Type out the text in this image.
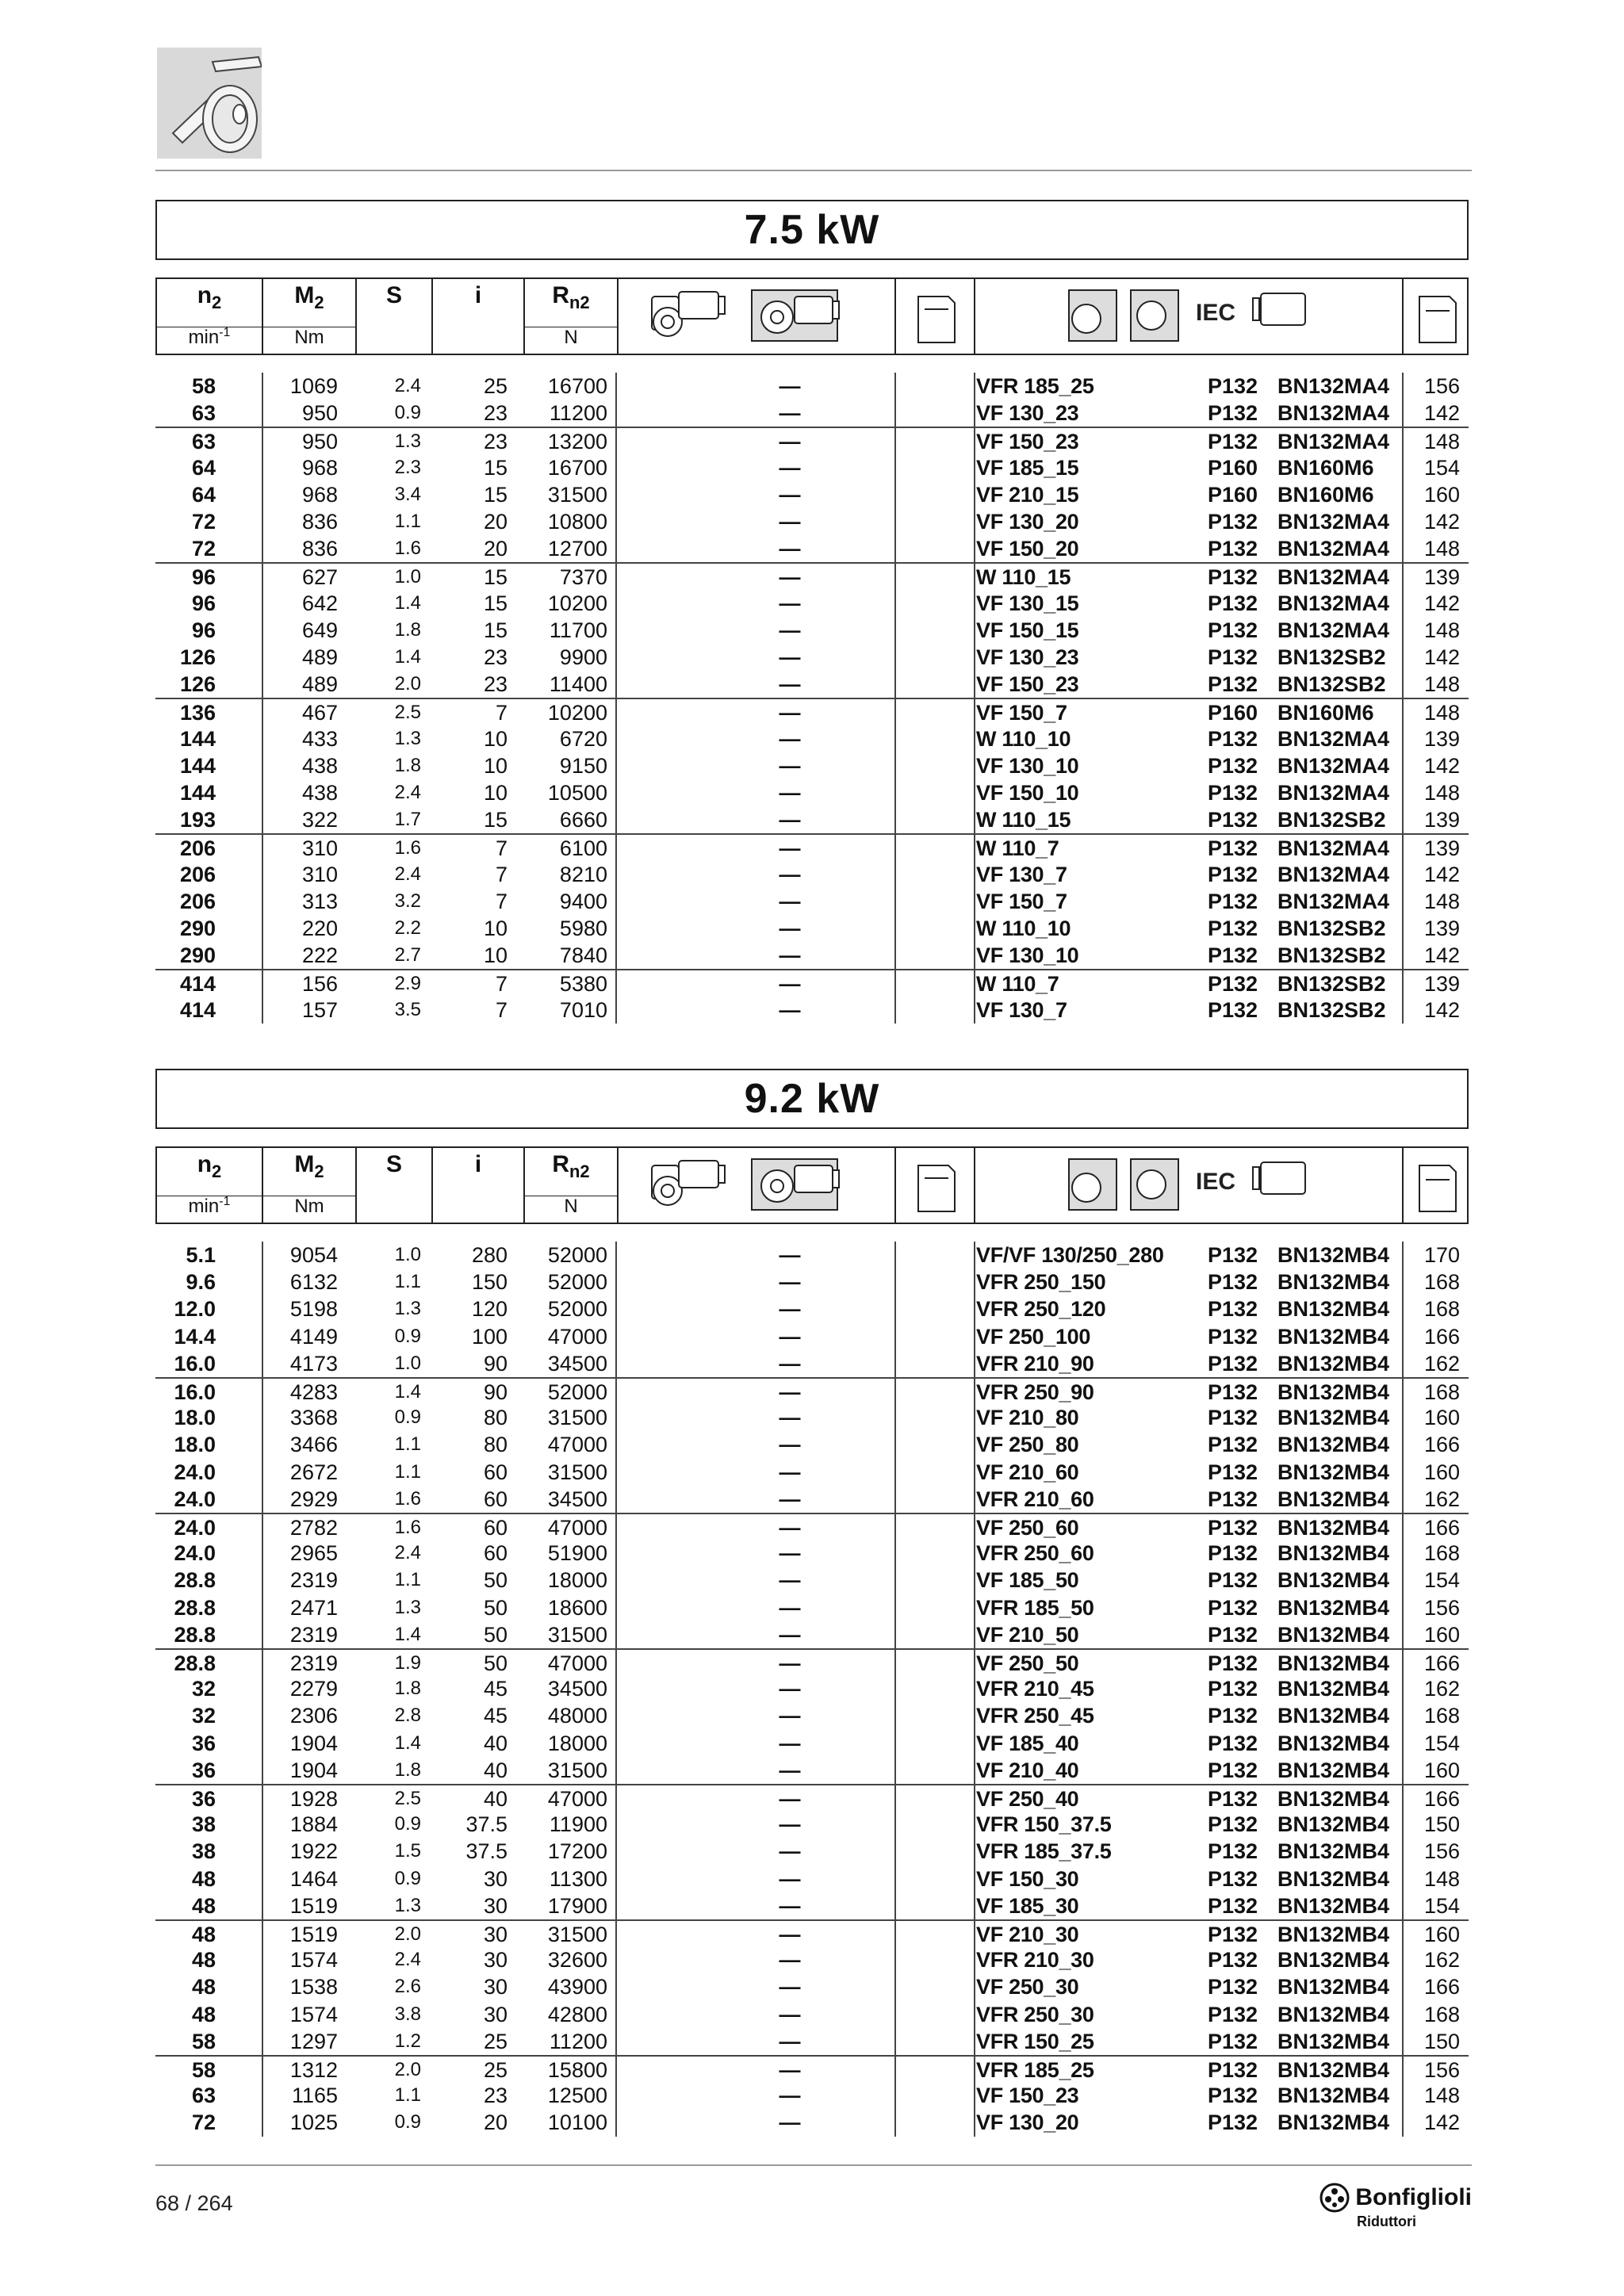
7.5 kW
$n_2$
$\min^{-1}$
$M_2$
Nm
S	i	$R_{n2}$
N
IEC
58	1069	2.4	25	16700	—	VFR 185_25	P132 BN132MA4	156
63	950	0.9	23	11200	—	VF 130_23	P132 BN132MA4	142
63	950	1.3	23	13200	—	VF 150_23	P132 BN132MA4	148
64	968	2.3	15	16700	—	VF 185_15	P160 BN160M6	154
64	968	3.4	15	31500	—	VF 210_15	P160 BN160M6	160
72	836	1.1	20	10800	—	VF 130_20	P132 BN132MA4	142
72	836	1.6	20	12700	—	VF 150_20	P132 BN132MA4	148
96	627	1.0	15	7370	—	W 110_15	P132 BN132MA4	139
96	642	1.4	15	10200	—	VF 130_15	P132 BN132MA4	142
96	649	1.8	15	11700	—	VF 150_15	P132 BN132MA4	148
126	489	1.4	23	9900	—	VF 130_23	P132 BN132SB2	142
126	489	2.0	23	11400	—	VF 150_23	P132 BN132SB2	148
136	467	2.5	7	10200	—	VF 150_7	P160 BN160M6	148
144	433	1.3	10	6720	—	W 110_10	P132 BN132MA4	139
144	438	1.8	10	9150	—	VF 130_10	P132 BN132MA4	142
144	438	2.4	10	10500	—	VF 150_10	P132 BN132MA4	148
193	322	1.7	15	6660	—	W 110_15	P132 BN132SB2	139
206	310	1.6	7	6100	—	W 110_7	P132 BN132MA4	139
206	310	2.4	7	8210	—	VF 130_7	P132 BN132MA4	142
206	313	3.2	7	9400	—	VF 150_7	P132 BN132MA4	148
290	220	2.2	10	5980	—	W 110_10	P132 BN132SB2	139
290	222	2.7	10	7840	—	VF 130_10	P132 BN132SB2	142
414	156	2.9	7	5380	—	W 110_7	P132 BN132SB2	139
414	157	3.5	7	7010	—	VF 130_7	P132 BN132SB2	142
9.2 kW
$n_2$
$\min^{-1}$
$M_2$
Nm
S	i	$R_{n2}$
N
IEC
5.1	9054	1.0	280	52000	—	VF/VF 130/250_280	P132 BN132MB4	170
9.6	6132	1.1	150	52000	—	VFR 250_150	P132 BN132MB4	168
12.0	5198	1.3	120	52000	—	VFR 250_120	P132 BN132MB4	168
14.4	4149	0.9	100	47000	—	VF 250_100	P132 BN132MB4	166
16.0	4173	1.0	90	34500	—	VFR 210_90	P132 BN132MB4	162
16.0	4283	1.4	90	52000	—	VFR 250_90	P132 BN132MB4	168
18.0	3368	0.9	80	31500	—	VF 210_80	P132 BN132MB4	160
18.0	3466	1.1	80	47000	—	VF 250_80	P132 BN132MB4	166
24.0	2672	1.1	60	31500	—	VF 210_60	P132 BN132MB4	160
24.0	2929	1.6	60	34500	—	VFR 210_60	P132 BN132MB4	162
24.0	2782	1.6	60	47000	—	VF 250_60	P132 BN132MB4	166
24.0	2965	2.4	60	51900	—	VFR 250_60	P132 BN132MB4	168
28.8	2319	1.1	50	18000	—	VF 185_50	P132 BN132MB4	154
28.8	2471	1.3	50	18600	—	VFR 185_50	P132 BN132MB4	156
28.8	2319	1.4	50	31500	—	VF 210_50	P132 BN132MB4	160
28.8	2319	1.9	50	47000	—	VF 250_50	P132 BN132MB4	166
32	2279	1.8	45	34500	—	VFR 210_45	P132 BN132MB4	162
32	2306	2.8	45	48000	—	VFR 250_45	P132 BN132MB4	168
36	1904	1.4	40	18000	—	VF 185_40	P132 BN132MB4	154
36	1904	1.8	40	31500	—	VF 210_40	P132 BN132MB4	160
36	1928	2.5	40	47000	—	VF 250_40	P132 BN132MB4	166
38	1884	0.9	37.5	11900	—	VFR 150_37.5	P132 BN132MB4	150
38	1922	1.5	37.5	17200	—	VFR 185_37.5	P132 BN132MB4	156
48	1464	0.9	30	11300	—	VF 150_30	P132 BN132MB4	148
48	1519	1.3	30	17900	—	VF 185_30	P132 BN132MB4	154
48	1519	2.0	30	31500	—	VF 210_30	P132 BN132MB4	160
48	1574	2.4	30	32600	—	VFR 210_30	P132 BN132MB4	162
48	1538	2.6	30	43900	—	VF 250_30	P132 BN132MB4	166
48	1574	3.8	30	42800	—	VFR 250_30	P132 BN132MB4	168
58	1297	1.2	25	11200	—	VFR 150_25	P132 BN132MB4	150
58	1312	2.0	25	15800	—	VFR 185_25	P132 BN132MB4	156
63	1165	1.1	23	12500	—	VF 150_23	P132 BN132MB4	148
72	1025	0.9	20	10100	—	VF 130_20	P132 BN132MB4	142
68 / 264	Bonfiglioli
Riduttori
